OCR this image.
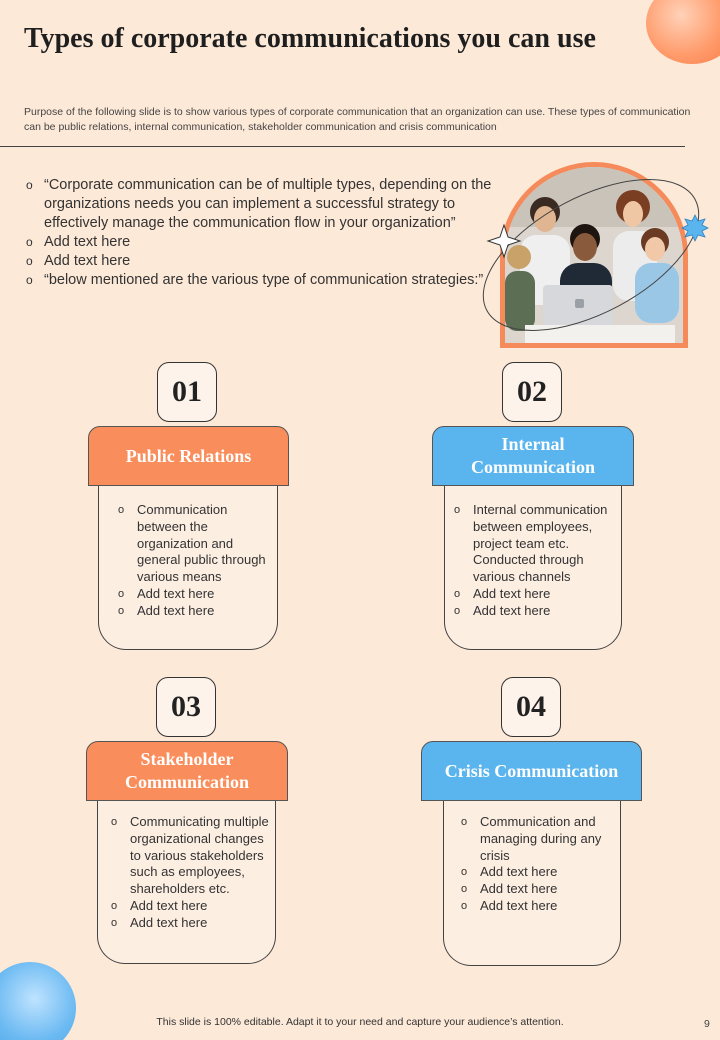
Types of corporate communications you can use

Purpose of the following slide is to show various types of corporate communication that an organization can use. These types of communication can be public relations, internal communication, stakeholder communication and crisis communication

o “Corporate communication can be of multiple types, depending on the organizations needs you can implement a successful strategy to effectively manage the communication flow in your organization”
o Add text here
o Add text here
o “below mentioned are the various type of communication strategies:”
Public Relations
01
o Communication between the organization and general public through various means
o Add text here
o Add text here
Internal Communication
02
o Internal communication between employees, project team etc. Conducted through various channels
o Add text here
o Add text here
Stakeholder Communication
03
o Communicating multiple organizational changes to various stakeholders such as employees, shareholders etc.
o Add text here
o Add text here
Crisis Communication
04
o Communication and managing during any crisis
o Add text here
o Add text here
o Add text here
This slide is 100% editable. Adapt it to your need and capture your audience’s attention.	9
